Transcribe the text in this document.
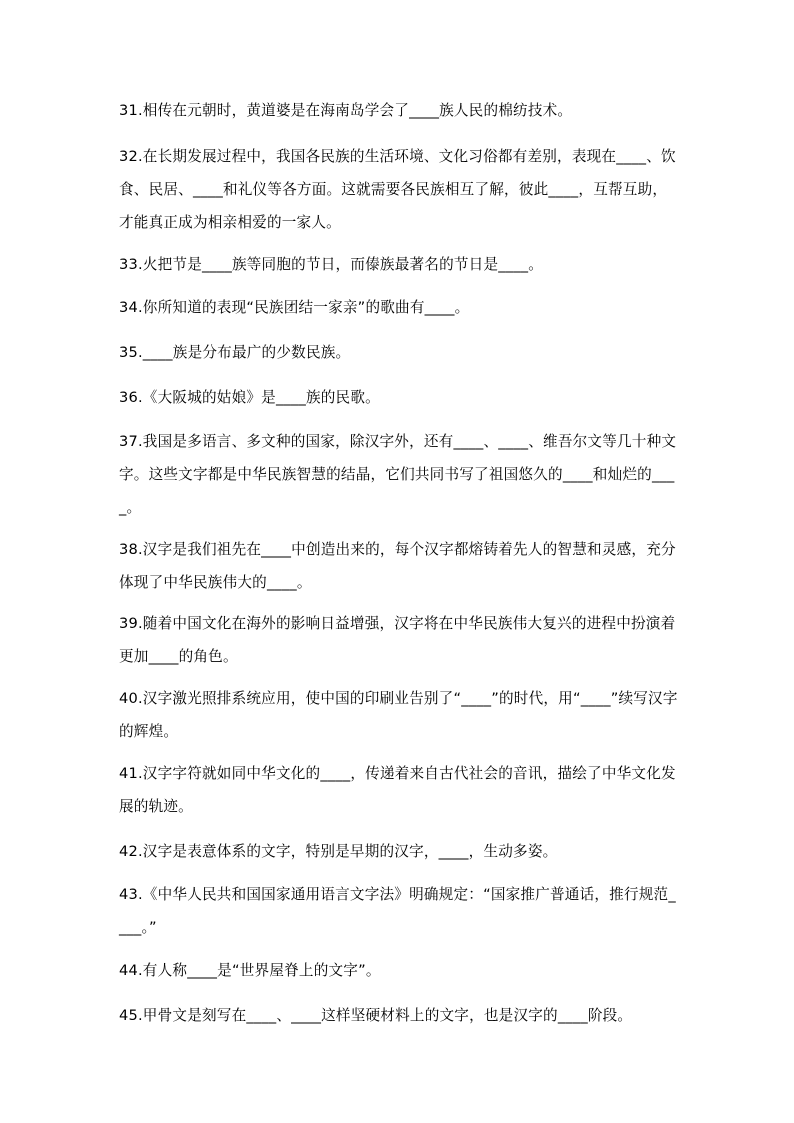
31.相传在元朝时，黄道婆是在海南岛学会了____族人民的棉纺技术。

32.在长期发展过程中，我国各民族的生活环境、文化习俗都有差别，表现在____、饮食、民居、____和礼仪等各方面。这就需要各民族相互了解，彼此____，互帮互助，才能真正成为相亲相爱的一家人。

33.火把节是____族等同胞的节日，而傣族最著名的节日是____。

34.你所知道的表现“民族团结一家亲”的歌曲有____。

35.____族是分布最广的少数民族。

36.《大阪城的姑娘》是____族的民歌。

37.我国是多语言、多文种的国家，除汉字外，还有____、____、维吾尔文等几十种文字。这些文字都是中华民族智慧的结晶，它们共同书写了祖国悠久的____和灿烂的____。

38.汉字是我们祖先在____中创造出来的，每个汉字都熔铸着先人的智慧和灵感，充分体现了中华民族伟大的____。

39.随着中国文化在海外的影响日益增强，汉字将在中华民族伟大复兴的进程中扮演着更加____的角色。

40.汉字激光照排系统应用，使中国的印刷业告别了“____”的时代，用“____”续写汉字的辉煌。

41.汉字字符就如同中华文化的____，传递着来自古代社会的音讯，描绘了中华文化发展的轨迹。

42.汉字是表意体系的文字，特别是早期的汉字，____，生动多姿。

43.《中华人民共和国国家通用语言文字法》明确规定：“国家推广普通话，推行规范____。”

44.有人称____是“世界屋脊上的文字”。

45.甲骨文是刻写在____、____这样坚硬材料上的文字，也是汉字的____阶段。
